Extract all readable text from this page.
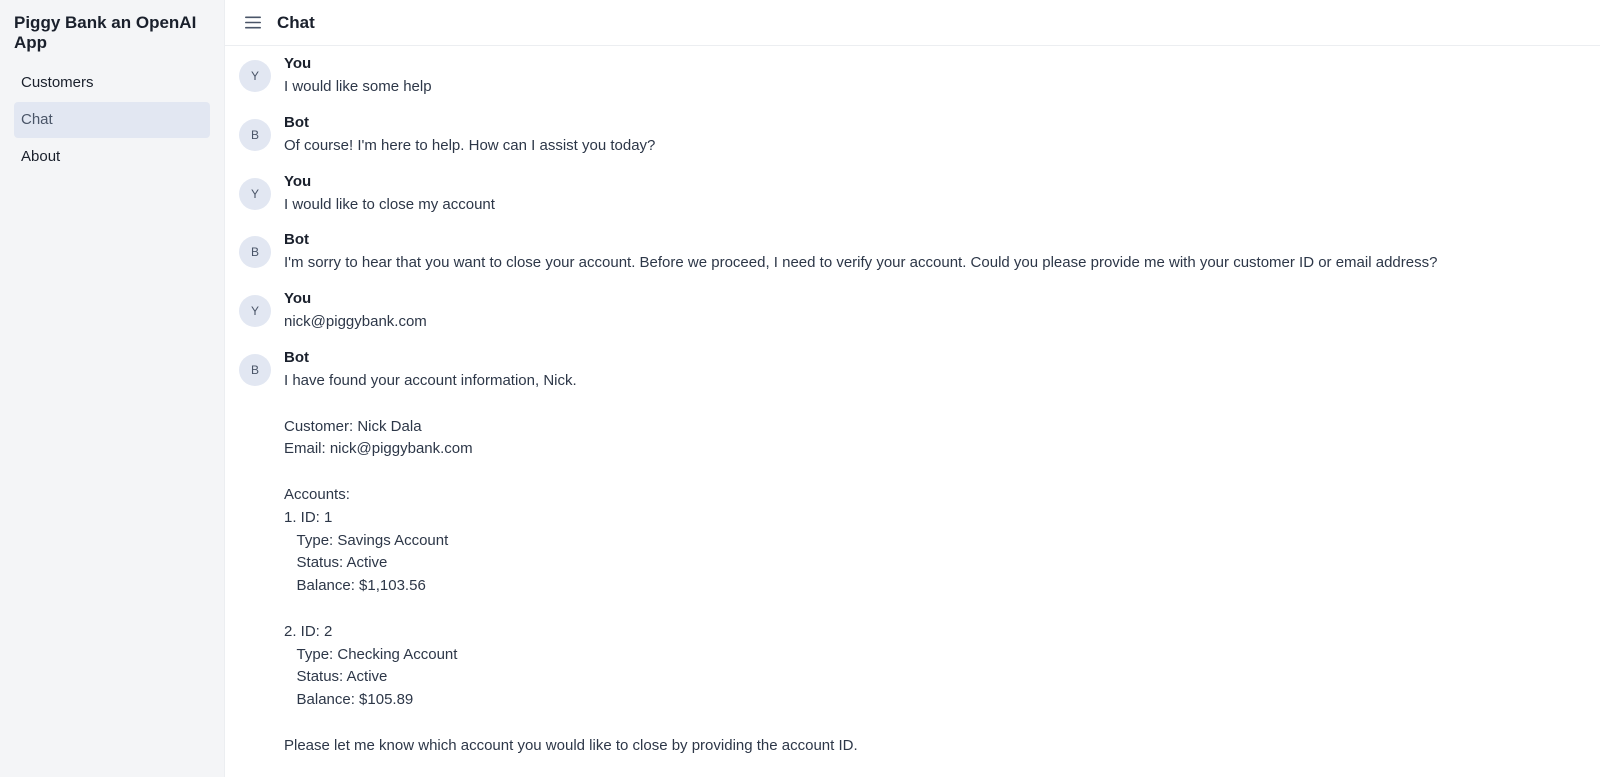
Piggy Bank an OpenAI App
Customers
Chat
About
Chat
Y
You

I would like some help

B
Bot

Of course! I'm here to help. How can I assist you today?

Y
You

I would like to close my account

B
Bot

I'm sorry to hear that you want to close your account. Before we proceed, I need to verify your account. Could you please provide me with your customer ID or email address?

Y
You

nick@piggybank.com

B
Bot

I have found your account information, Nick.

Customer: Nick Dala
Email: nick@piggybank.com

Accounts:
1. ID: 1
Type: Savings Account
Status: Active
Balance: $1,103.56

2. ID: 2
Type: Checking Account
Status: Active
Balance: $105.89

Please let me know which account you would like to close by providing the account ID.
